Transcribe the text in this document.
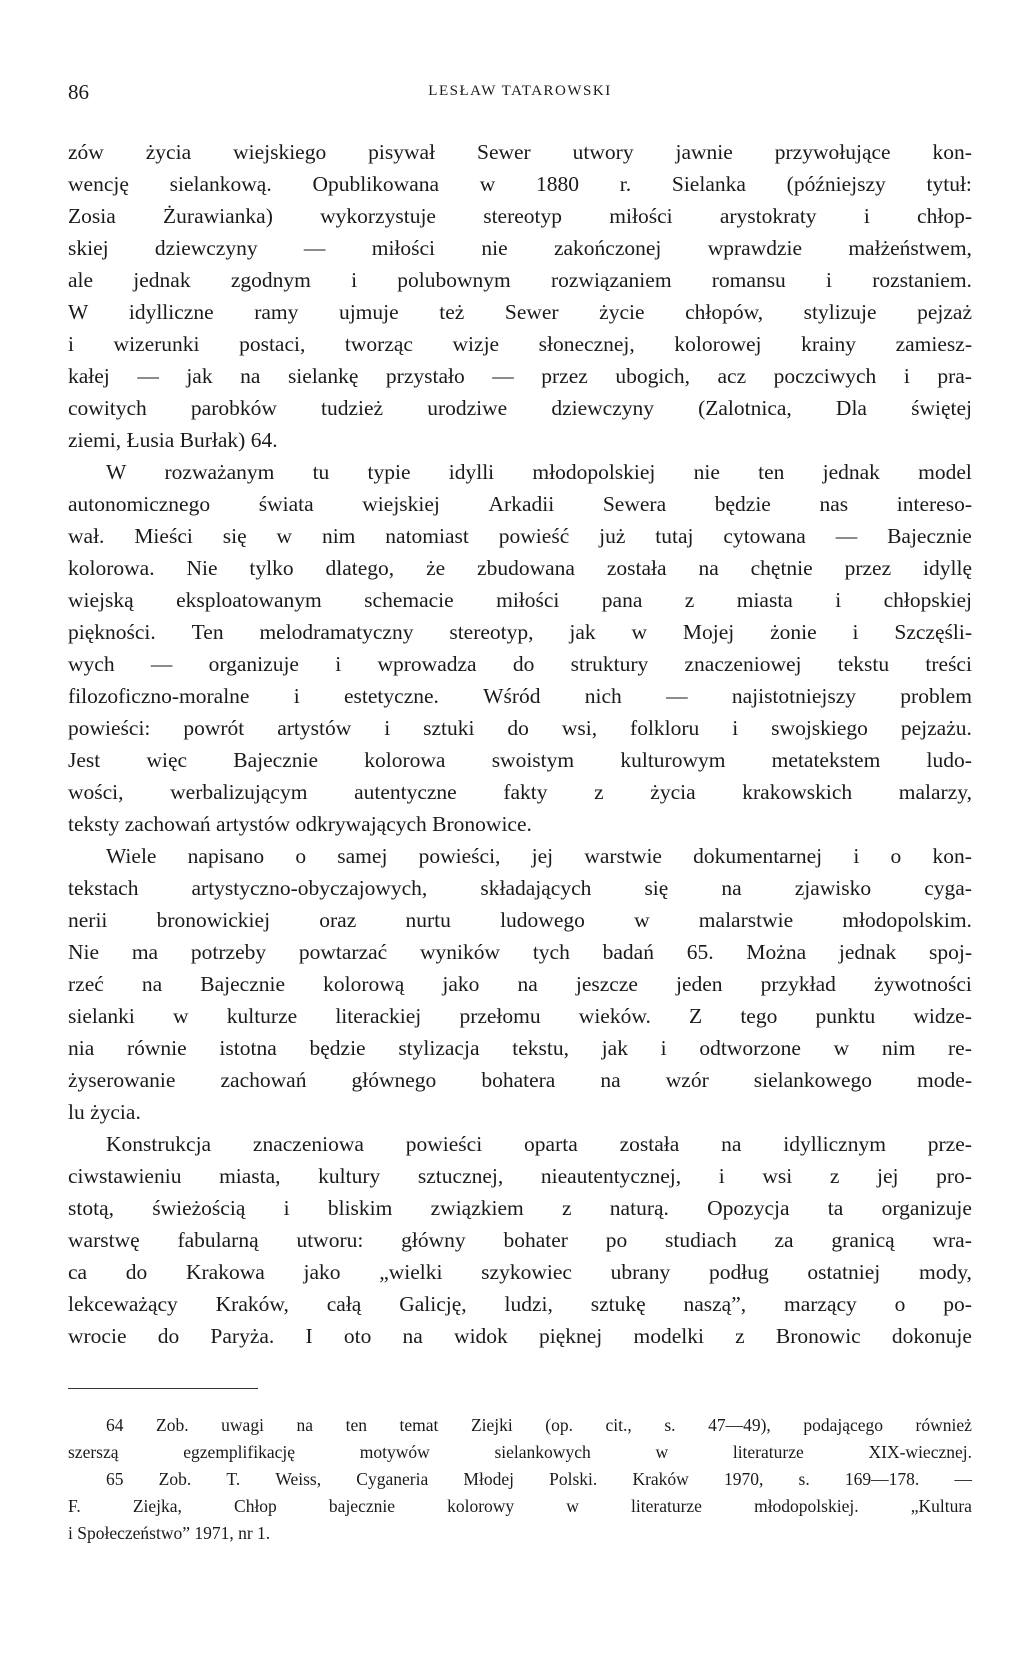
86	LESŁAW TATAROWSKI
zów życia wiejskiego pisywał Sewer utwory jawnie przywołujące kon-
wencję sielankową. Opublikowana w 1880 r. Sielanka (późniejszy tytuł:
Zosia Żurawianka) wykorzystuje stereotyp miłości arystokraty i chłop-
skiej dziewczyny — miłości nie zakończonej wprawdzie małżeństwem,
ale jednak zgodnym i polubownym rozwiązaniem romansu i rozstaniem.
W idylliczne ramy ujmuje też Sewer życie chłopów, stylizuje pejzaż
i wizerunki postaci, tworząc wizje słonecznej, kolorowej krainy zamiesz-
kałej — jak na sielankę przystało — przez ubogich, acz poczciwych i pra-
cowitych parobków tudzież urodziwe dziewczyny (Zalotnica, Dla świętej
ziemi, Łusia Burłak) 64.
W rozważanym tu typie idylli młodopolskiej nie ten jednak model
autonomicznego świata wiejskiej Arkadii Sewera będzie nas intereso-
wał. Mieści się w nim natomiast powieść już tutaj cytowana — Bajecznie
kolorowa. Nie tylko dlatego, że zbudowana została na chętnie przez idyllę
wiejską eksploatowanym schemacie miłości pana z miasta i chłopskiej
piękności. Ten melodramatyczny stereotyp, jak w Mojej żonie i Szczęśli-
wych — organizuje i wprowadza do struktury znaczeniowej tekstu treści
filozoficzno-moralne i estetyczne. Wśród nich — najistotniejszy problem
powieści: powrót artystów i sztuki do wsi, folkloru i swojskiego pejzażu.
Jest więc Bajecznie kolorowa swoistym kulturowym metatekstem ludo-
wości, werbalizującym autentyczne fakty z życia krakowskich malarzy,
teksty zachowań artystów odkrywających Bronowice.
Wiele napisano o samej powieści, jej warstwie dokumentarnej i o kon-
tekstach artystyczno-obyczajowych, składających się na zjawisko cyga-
nerii bronowickiej oraz nurtu ludowego w malarstwie młodopolskim.
Nie ma potrzeby powtarzać wyników tych badań 65. Można jednak spoj-
rzeć na Bajecznie kolorową jako na jeszcze jeden przykład żywotności
sielanki w kulturze literackiej przełomu wieków. Z tego punktu widze-
nia równie istotna będzie stylizacja tekstu, jak i odtworzone w nim re-
żyserowanie zachowań głównego bohatera na wzór sielankowego mode-
lu życia.
Konstrukcja znaczeniowa powieści oparta została na idyllicznym prze-
ciwstawieniu miasta, kultury sztucznej, nieautentycznej, i wsi z jej pro-
stotą, świeżością i bliskim związkiem z naturą. Opozycja ta organizuje
warstwę fabularną utworu: główny bohater po studiach za granicą wra-
ca do Krakowa jako „wielki szykowiec ubrany podług ostatniej mody,
lekceważący Kraków, całą Galicję, ludzi, sztukę naszą”, marzący o po-
wrocie do Paryża. I oto na widok pięknej modelki z Bronowic dokonuje
64 Zob. uwagi na ten temat Ziejki (op. cit., s. 47—49), podającego również
szerszą	egzemplifikację	motywów	sielankowych	w	literaturze	XIX-wiecznej.
65 Zob. T. Weiss, Cyganeria Młodej Polski. Kraków 1970, s. 169—178. —
F.	Ziejka,	Chłop	bajecznie	kolorowy	w	literaturze	młodopolskiej.	„Kultura
i Społeczeństwo” 1971, nr 1.
